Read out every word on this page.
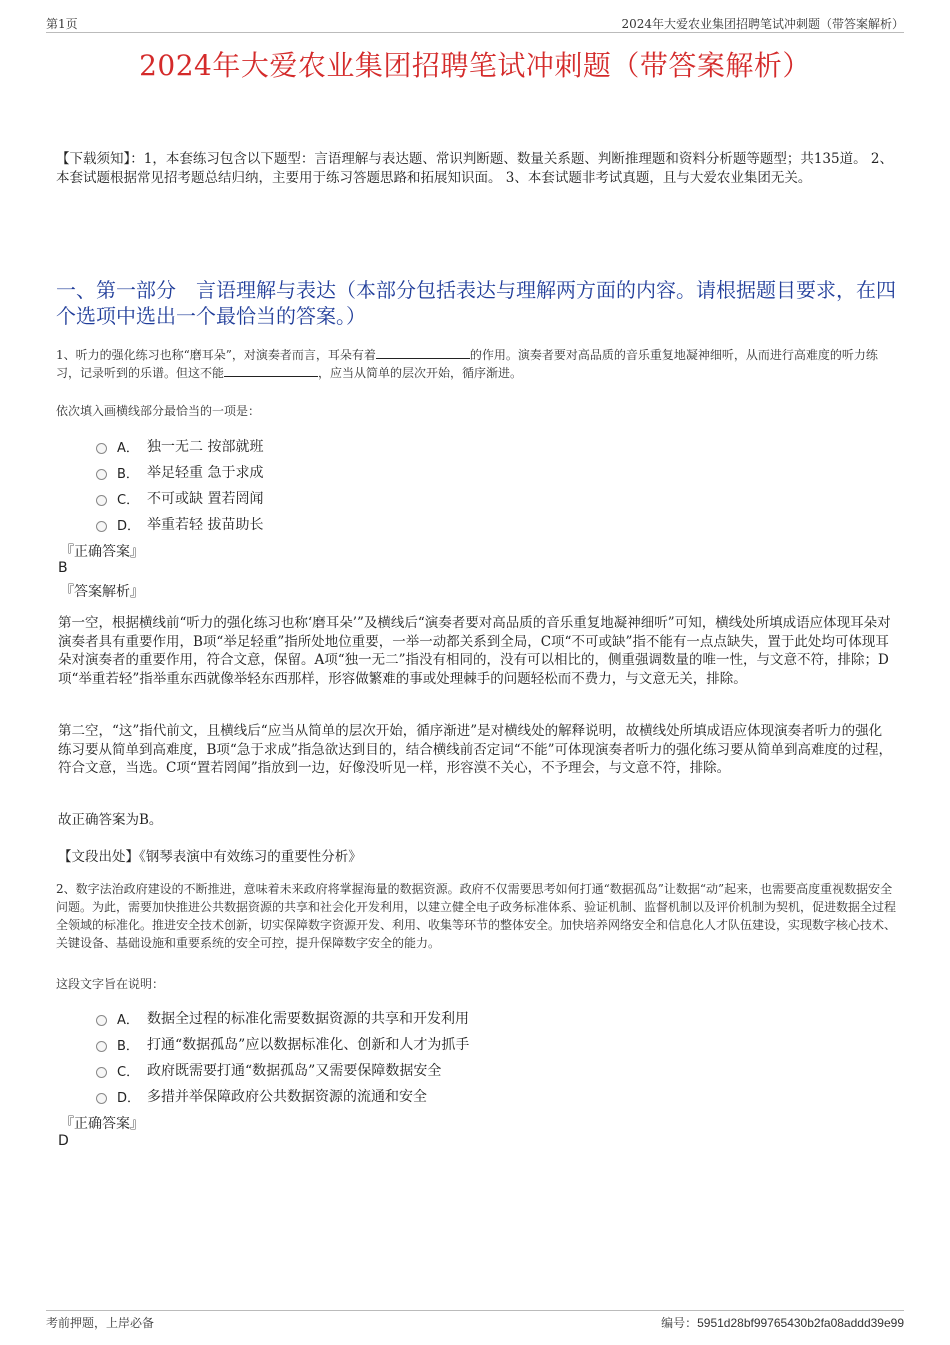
第1页	2024年大爱农业集团招聘笔试冲刺题（带答案解析）
2024年大爱农业集团招聘笔试冲刺题（带答案解析）
【下载须知】：1，本套练习包含以下题型：言语理解与表达题、常识判断题、数量关系题、判断推理题和资料分析题等题型；共135道。 2、本套试题根据常见招考题总结归纳，主要用于练习答题思路和拓展知识面。 3、本套试题非考试真题，且与大爱农业集团无关。
一、第一部分　言语理解与表达（本部分包括表达与理解两方面的内容。请根据题目要求，在四个选项中选出一个最恰当的答案。）
1、听力的强化练习也称“磨耳朵”，对演奏者而言，耳朵有着	的作用。演奏者要对高品质的音乐重复地凝神细听，从而进行高难度的听力练习，记录听到的乐谱。但这不能	，应当从简单的层次开始，循序渐进。
依次填入画横线部分最恰当的一项是：
A． 独一无二 按部就班
B． 举足轻重 急于求成
C． 不可或缺 置若罔闻
D． 举重若轻 拔苗助长
『正确答案』
B
『答案解析』
第一空，根据横线前“听力的强化练习也称‘磨耳朵’”及横线后“演奏者要对高品质的音乐重复地凝神细听”可知，横线处所填成语应体现耳朵对演奏者具有重要作用，B项“举足轻重”指所处地位重要，一举一动都关系到全局，C项“不可或缺”指不能有一点点缺失，置于此处均可体现耳朵对演奏者的重要作用，符合文意，保留。A项“独一无二”指没有相同的，没有可以相比的，侧重强调数量的唯一性，与文意不符，排除；D项“举重若轻”指举重东西就像举轻东西那样，形容做繁难的事或处理棘手的问题轻松而不费力，与文意无关，排除。
第二空，“这”指代前文，且横线后“应当从简单的层次开始，循序渐进”是对横线处的解释说明，故横线处所填成语应体现演奏者听力的强化练习要从简单到高难度，B项“急于求成”指急欲达到目的，结合横线前否定词“不能”可体现演奏者听力的强化练习要从简单到高难度的过程，符合文意，当选。C项“置若罔闻”指放到一边，好像没听见一样，形容漠不关心，不予理会，与文意不符，排除。
故正确答案为B。
【文段出处】《钢琴表演中有效练习的重要性分析》
2、数字法治政府建设的不断推进，意味着未来政府将掌握海量的数据资源。政府不仅需要思考如何打通“数据孤岛”让数据“动”起来，也需要高度重视数据安全问题。为此，需要加快推进公共数据资源的共享和社会化开发利用，以建立健全电子政务标准体系、验证机制、监督机制以及评价机制为契机，促进数据全过程全领域的标准化。推进安全技术创新，切实保障数字资源开发、利用、收集等环节的整体安全。加快培养网络安全和信息化人才队伍建设，实现数字核心技术、关键设备、基础设施和重要系统的安全可控，提升保障数字安全的能力。
这段文字旨在说明：
A． 数据全过程的标准化需要数据资源的共享和开发利用
B． 打通“数据孤岛”应以数据标准化、创新和人才为抓手
C． 政府既需要打通“数据孤岛”又需要保障数据安全
D． 多措并举保障政府公共数据资源的流通和安全
『正确答案』
D
考前押题，上岸必备	编号：5951d28bf99765430b2fa08addd39e99
